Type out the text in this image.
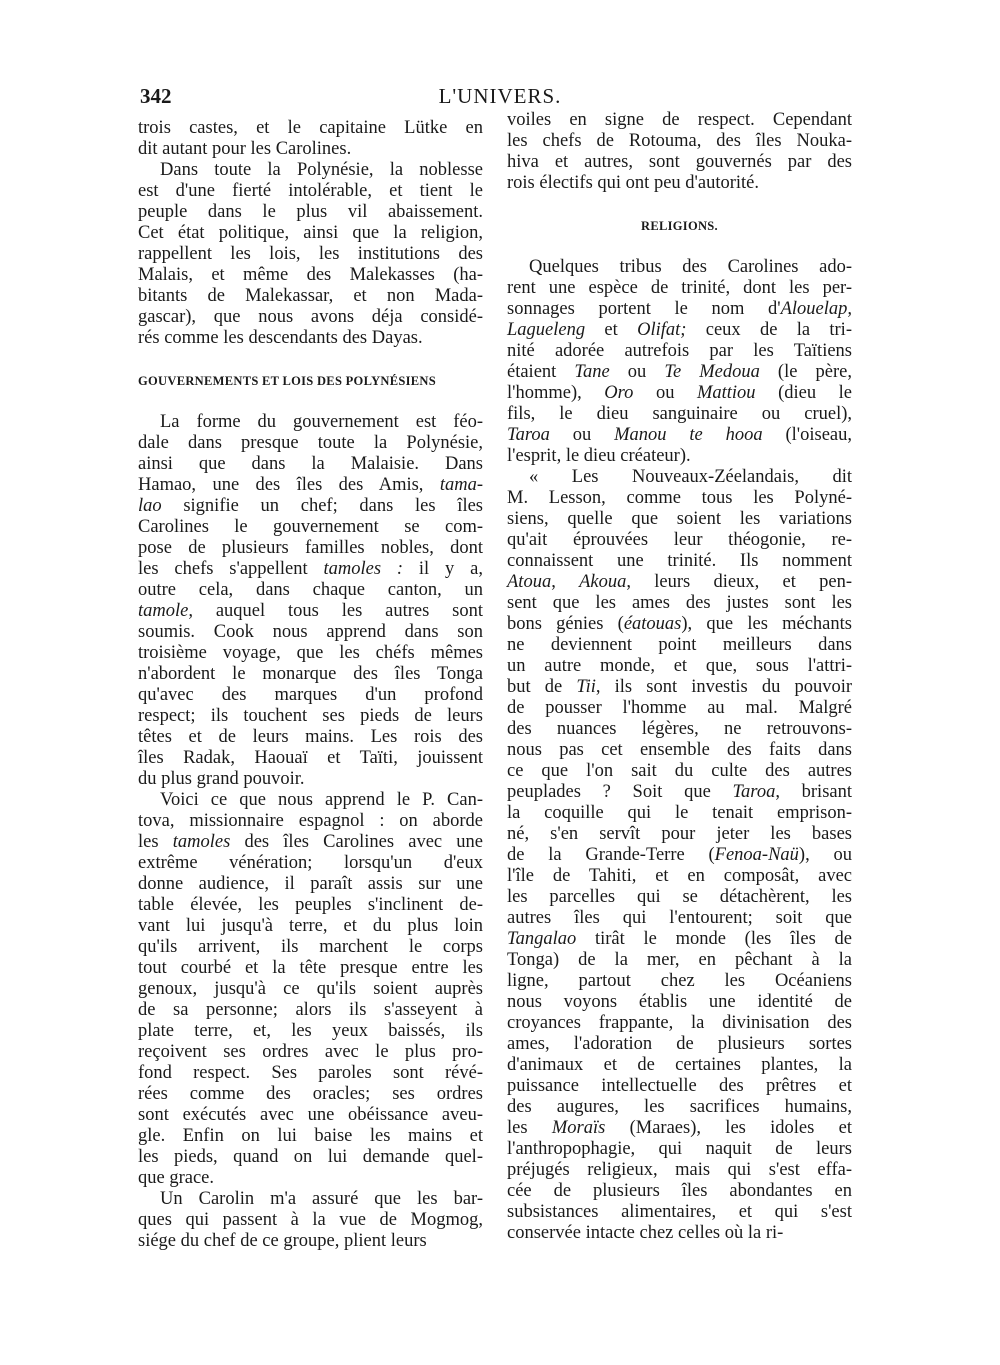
342	L'UNIVERS.
trois castes, et le capitaine Lütke en
dit autant pour les Carolines.
Dans toute la Polynésie, la noblesse
est d'une fierté intolérable, et tient le
peuple dans le plus vil abaissement.
Cet état politique, ainsi que la religion,
rappellent les lois, les institutions des
Malais, et même des Malekasses (ha-
bitants de Malekassar, et non Mada-
gascar), que nous avons déja considé-
rés comme les descendants des Dayas.
GOUVERNEMENTS ET LOIS DES POLYNÉSIENS
La forme du gouvernement est féo-
dale dans presque toute la Polynésie,
ainsi que dans la Malaisie. Dans
Hamao, une des îles des Amis, tama-
lao signifie un chef; dans les îles
Carolines le gouvernement se com-
pose de plusieurs familles nobles, dont
les chefs s'appellent tamoles : il y a,
outre cela, dans chaque canton, un
tamole, auquel tous les autres sont
soumis. Cook nous apprend dans son
troisième voyage, que les chéfs mêmes
n'abordent le monarque des îles Tonga
qu'avec des marques d'un profond
respect; ils touchent ses pieds de leurs
têtes et de leurs mains. Les rois des
îles Radak, Haouaï et Taïti, jouissent
du plus grand pouvoir.
Voici ce que nous apprend le P. Can-
tova, missionnaire espagnol : on aborde
les tamoles des îles Carolines avec une
extrême vénération; lorsqu'un d'eux
donne audience, il paraît assis sur une
table élevée, les peuples s'inclinent de-
vant lui jusqu'à terre, et du plus loin
qu'ils arrivent, ils marchent le corps
tout courbé et la tête presque entre les
genoux, jusqu'à ce qu'ils soient auprès
de sa personne; alors ils s'asseyent à
plate terre, et, les yeux baissés, ils
reçoivent ses ordres avec le plus pro-
fond respect. Ses paroles sont révé-
rées comme des oracles; ses ordres
sont exécutés avec une obéissance aveu-
gle. Enfin on lui baise les mains et
les pieds, quand on lui demande quel-
que grace.
Un Carolin m'a assuré que les bar-
ques qui passent à la vue de Mogmog,
siége du chef de ce groupe, plient leurs
voiles en signe de respect. Cependant
les chefs de Rotouma, des îles Nouka-
hiva et autres, sont gouvernés par des
rois électifs qui ont peu d'autorité.
RELIGIONS.
Quelques tribus des Carolines ado-
rent une espèce de trinité, dont les per-
sonnages portent le nom d'Alouelap,
Lagueleng et Olifat; ceux de la tri-
nité adorée autrefois par les Taïtiens
étaient Tane ou Te Medoua (le père,
l'homme), Oro ou Mattiou (dieu le
fils, le dieu sanguinaire ou cruel),
Taroa ou Manou te hooa (l'oiseau,
l'esprit, le dieu créateur).
« Les Nouveaux-Zéelandais, dit
M. Lesson, comme tous les Polyné-
siens, quelle que soient les variations
qu'ait éprouvées leur théogonie, re-
connaissent une trinité. Ils nomment
Atoua, Akoua, leurs dieux, et pen-
sent que les ames des justes sont les
bons génies (éatouas), que les méchants
ne deviennent point meilleurs dans
un autre monde, et que, sous l'attri-
but de Tii, ils sont investis du pouvoir
de pousser l'homme au mal. Malgré
des nuances légères, ne retrouvons-
nous pas cet ensemble des faits dans
ce que l'on sait du culte des autres
peuplades ? Soit que Taroa, brisant
la coquille qui le tenait emprison-
né, s'en servît pour jeter les bases
de la Grande-Terre (Fenoa-Naü), ou
l'île de Tahiti, et en composât, avec
les parcelles qui se détachèrent, les
autres îles qui l'entourent; soit que
Tangalao tirât le monde (les îles de
Tonga) de la mer, en pêchant à la
ligne, partout chez les Océaniens
nous voyons établis une identité de
croyances frappante, la divinisation des
ames, l'adoration de plusieurs sortes
d'animaux et de certaines plantes, la
puissance intellectuelle des prêtres et
des augures, les sacrifices humains,
les Moraïs (Maraes), les idoles et
l'anthropophagie, qui naquit de leurs
préjugés religieux, mais qui s'est effa-
cée de plusieurs îles abondantes en
subsistances alimentaires, et qui s'est
conservée intacte chez celles où la ri-
